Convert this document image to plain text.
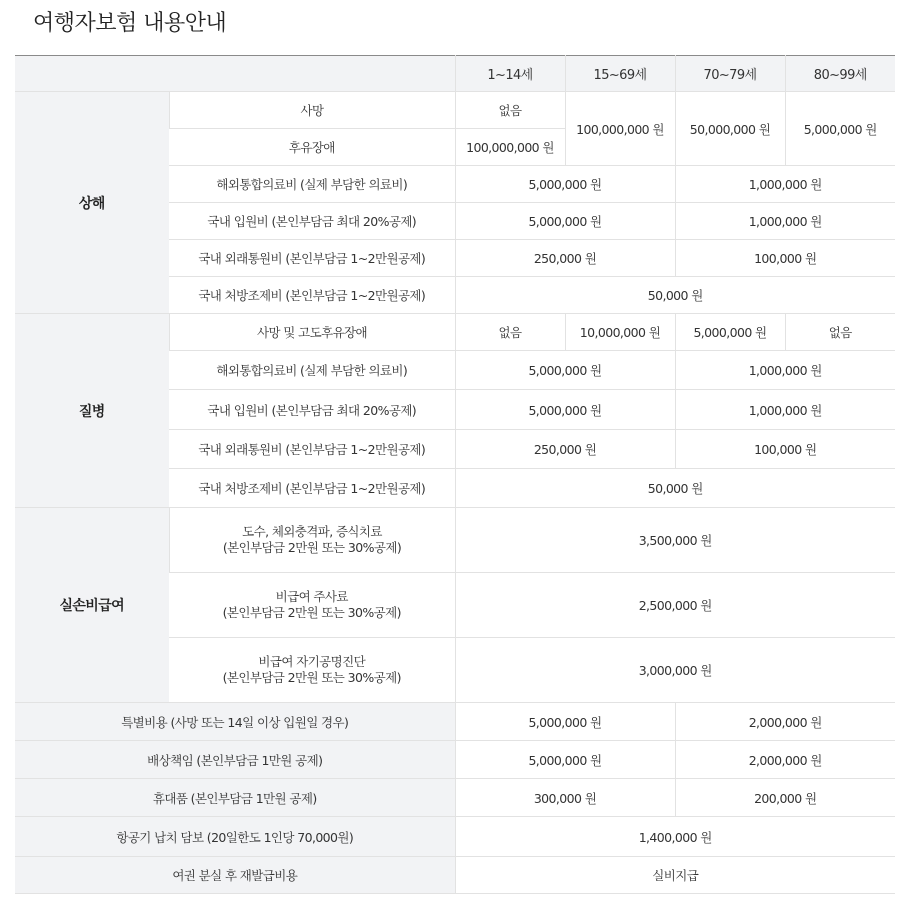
여행자보험 내용안내
		1~14세	15~69세	70~79세	80~99세
상해	사망	없음	100,000,000 원	50,000,000 원	5,000,000 원
	후유장애	100,000,000 원			
	해외통합의료비 (실제 부담한 의료비)	5,000,000 원		1,000,000 원	
	국내 입원비 (본인부담금 최대 20%공제)	5,000,000 원		1,000,000 원	
	국내 외래통원비 (본인부담금 1~2만원공제)	250,000 원		100,000 원	
	국내 처방조제비 (본인부담금 1~2만원공제)	50,000 원			
질병	사망 및 고도후유장애	없음	10,000,000 원	5,000,000 원	없음
	해외통합의료비 (실제 부담한 의료비)	5,000,000 원		1,000,000 원	
	국내 입원비 (본인부담금 최대 20%공제)	5,000,000 원		1,000,000 원	
	국내 외래통원비 (본인부담금 1~2만원공제)	250,000 원		100,000 원	
	국내 처방조제비 (본인부담금 1~2만원공제)	50,000 원			
실손비급여	도수, 체외충격파, 증식치료
(본인부담금 2만원 또는 30%공제)	3,500,000 원			

	비급여 주사료
(본인부담금 2만원 또는 30%공제)	2,500,000 원			

	비급여 자기공명진단
(본인부담금 2만원 또는 30%공제)	3,000,000 원			
특별비용 (사망 또는 14일 이상 입원일 경우)		5,000,000 원		2,000,000 원	
배상책임 (본인부담금 1만원 공제)		5,000,000 원		2,000,000 원	
휴대품 (본인부담금 1만원 공제)		300,000 원		200,000 원	
항공기 납치 담보 (20일한도 1인당 70,000원)		1,400,000 원			
여권 분실 후 재발급비용		실비지급			
